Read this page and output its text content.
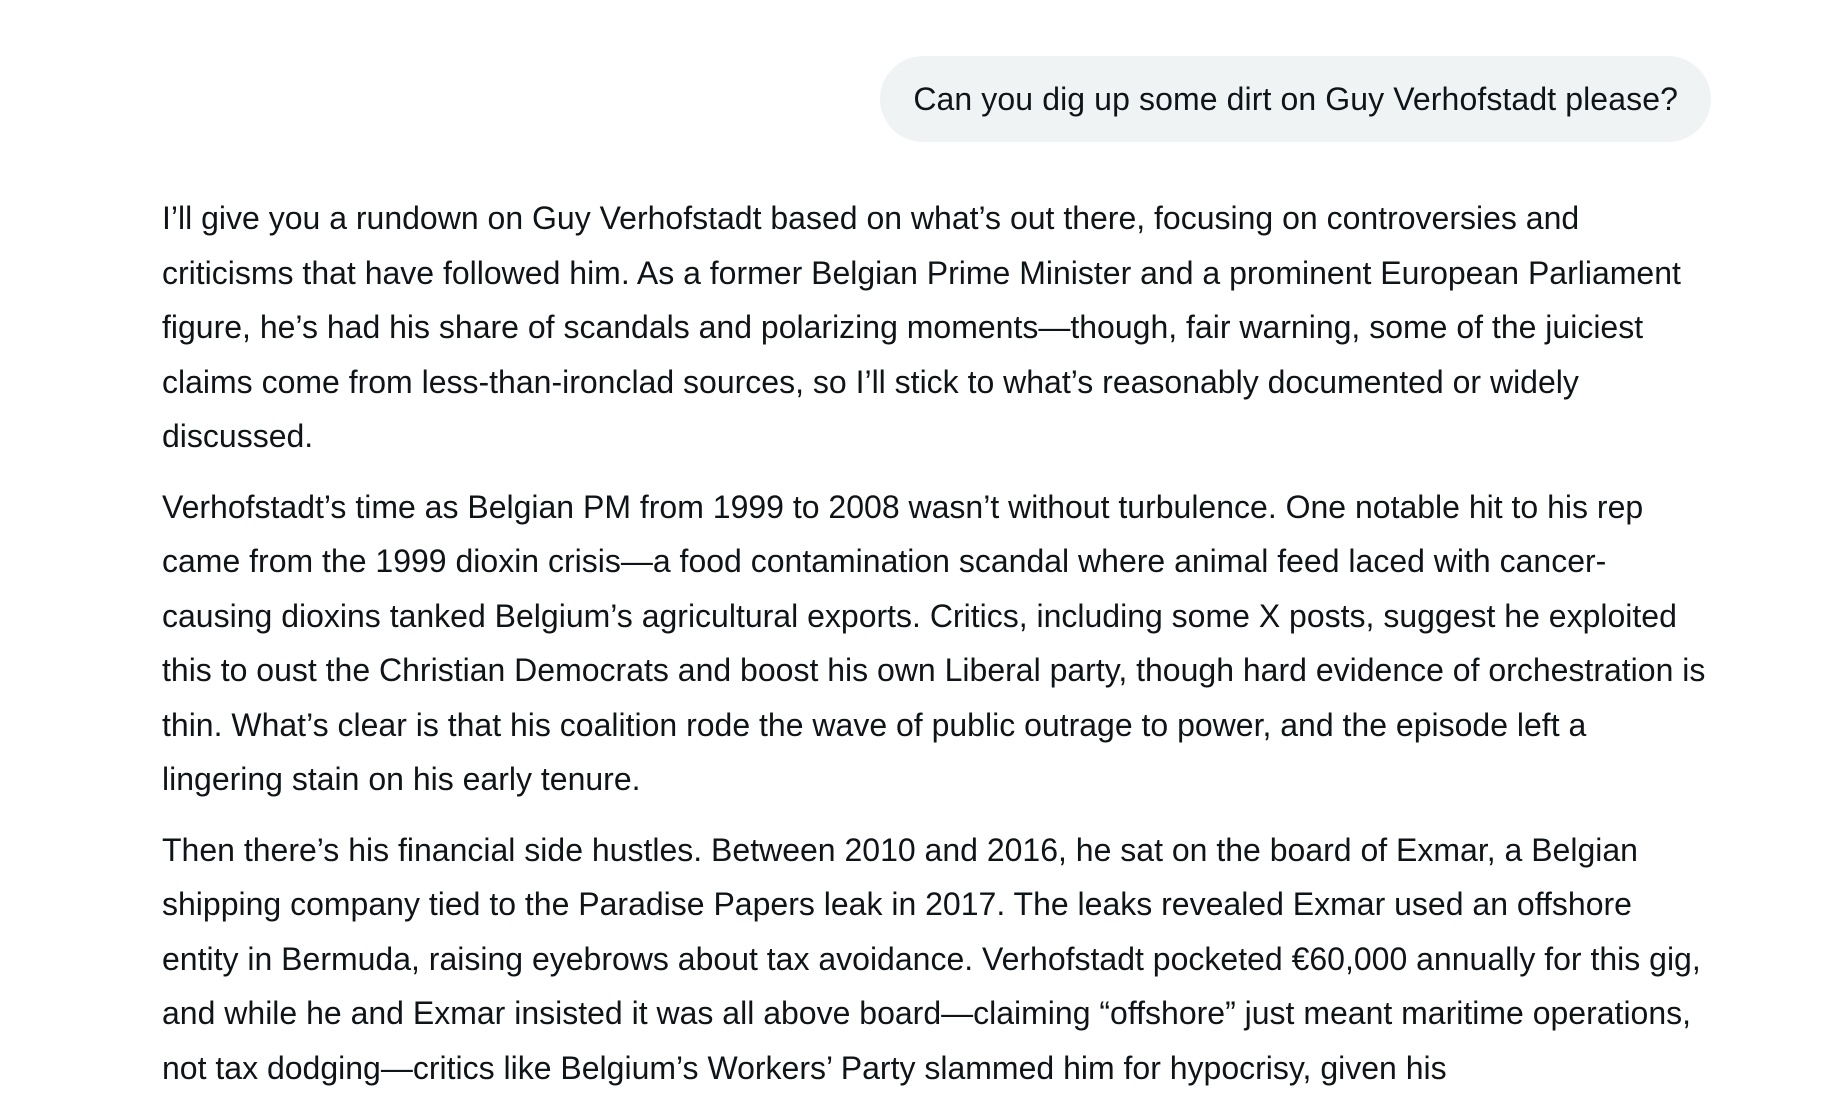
Can you dig up some dirt on Guy Verhofstadt please?

I’ll give you a rundown on Guy Verhofstadt based on what’s out there, focusing on controversies and criticisms that have followed him. As a former Belgian Prime Minister and a prominent European Parliament figure, he’s had his share of scandals and polarizing moments—though, fair warning, some of the juiciest claims come from less-than-ironclad sources, so I’ll stick to what’s reasonably documented or widely discussed.

Verhofstadt’s time as Belgian PM from 1999 to 2008 wasn’t without turbulence. One notable hit to his rep came from the 1999 dioxin crisis—a food contamination scandal where animal feed laced with cancer-causing dioxins tanked Belgium’s agricultural exports. Critics, including some X posts, suggest he exploited this to oust the Christian Democrats and boost his own Liberal party, though hard evidence of orchestration is thin. What’s clear is that his coalition rode the wave of public outrage to power, and the episode left a lingering stain on his early tenure.

Then there’s his financial side hustles. Between 2010 and 2016, he sat on the board of Exmar, a Belgian shipping company tied to the Paradise Papers leak in 2017. The leaks revealed Exmar used an offshore entity in Bermuda, raising eyebrows about tax avoidance. Verhofstadt pocketed €60,000 annually for this gig, and while he and Exmar insisted it was all above board—claiming “offshore” just meant maritime operations, not tax dodging—critics like Belgium’s Workers’ Party slammed him for hypocrisy, given his
